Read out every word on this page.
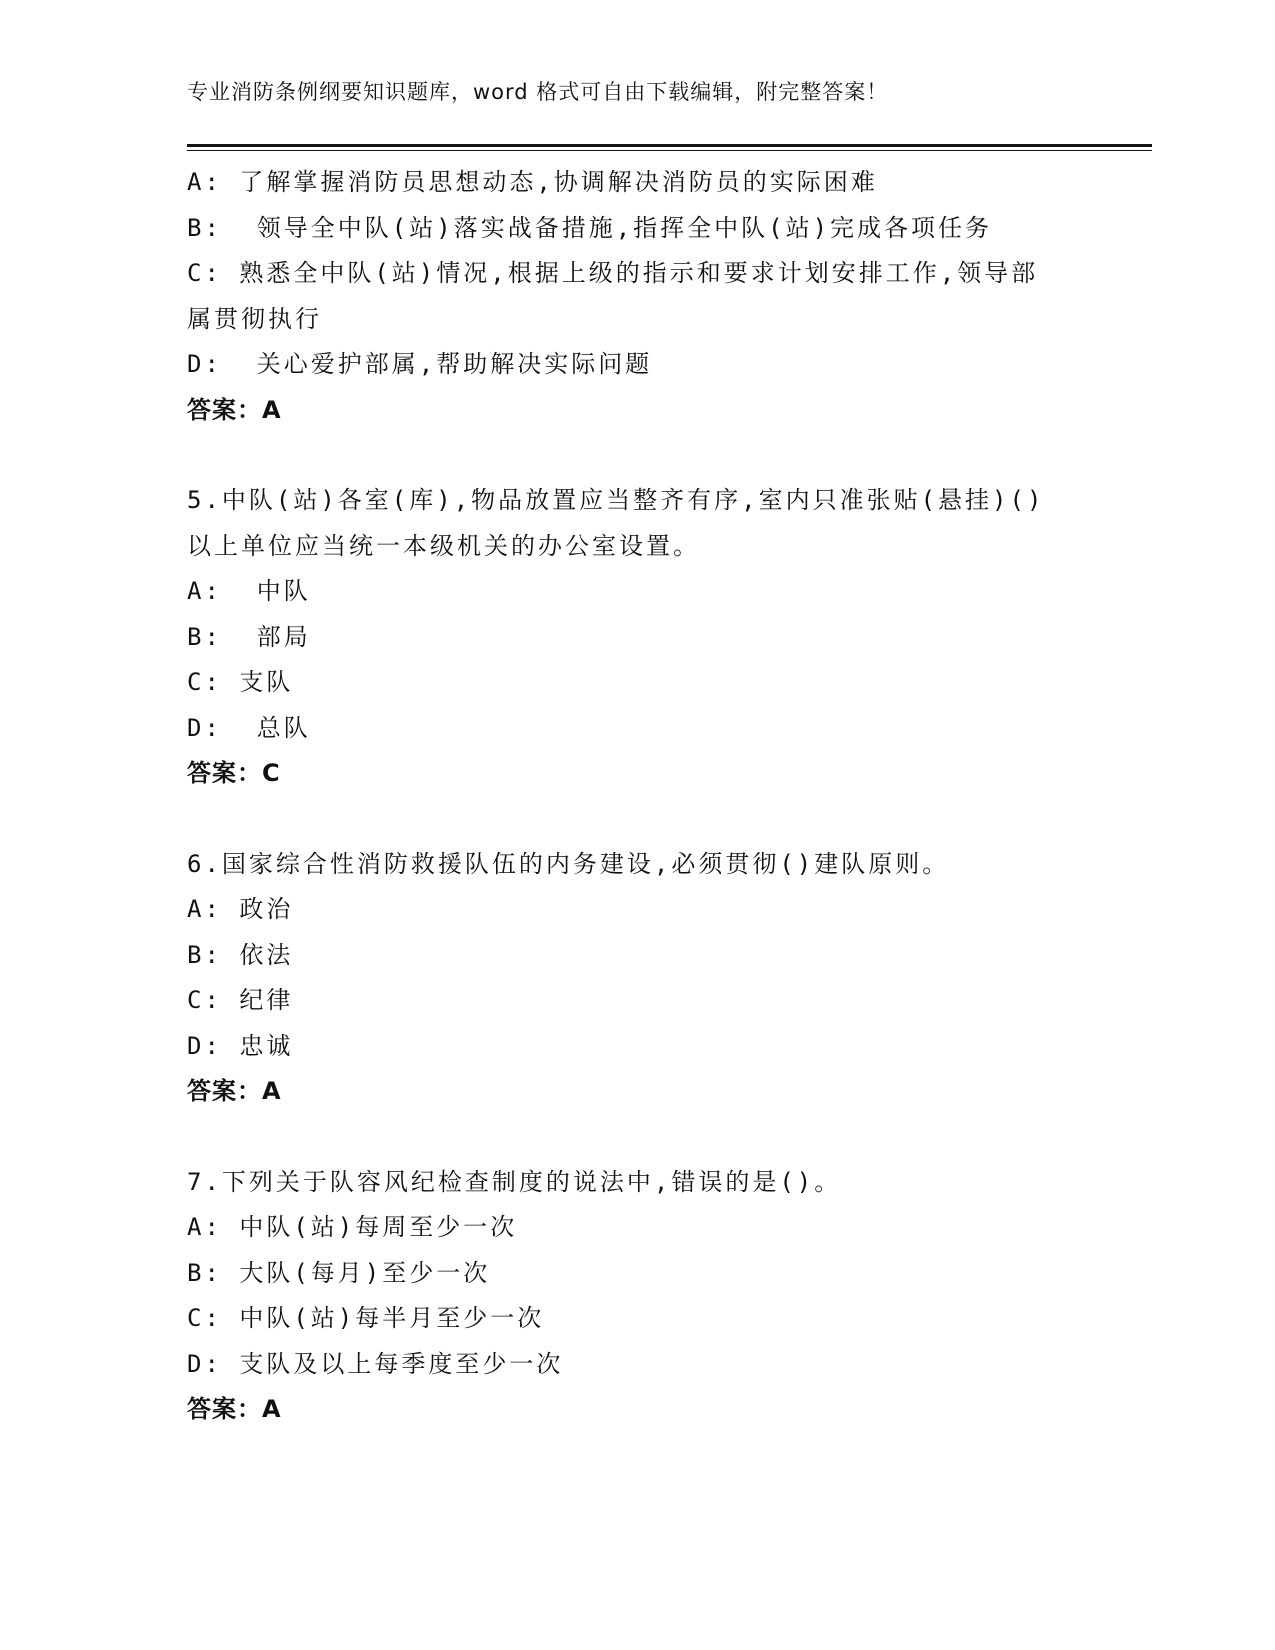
专业消防条例纲要知识题库，word 格式可自由下载编辑，附完整答案！
A: 了解掌握消防员思想动态,协调解决消防员的实际困难
B:  领导全中队(站)落实战备措施,指挥全中队(站)完成各项任务
C: 熟悉全中队(站)情况,根据上级的指示和要求计划安排工作,领导部
属贯彻执行
D:  关心爱护部属,帮助解决实际问题
答案：A
5.中队(站)各室(库),物品放置应当整齐有序,室内只准张贴(悬挂)()
以上单位应当统一本级机关的办公室设置。
A:  中队
B:  部局
C: 支队
D:  总队
答案：C
6.国家综合性消防救援队伍的内务建设,必须贯彻()建队原则。
A: 政治
B: 依法
C: 纪律
D: 忠诚
答案：A
7.下列关于队容风纪检查制度的说法中,错误的是()。
A: 中队(站)每周至少一次
B: 大队(每月)至少一次
C: 中队(站)每半月至少一次
D: 支队及以上每季度至少一次
答案：A
